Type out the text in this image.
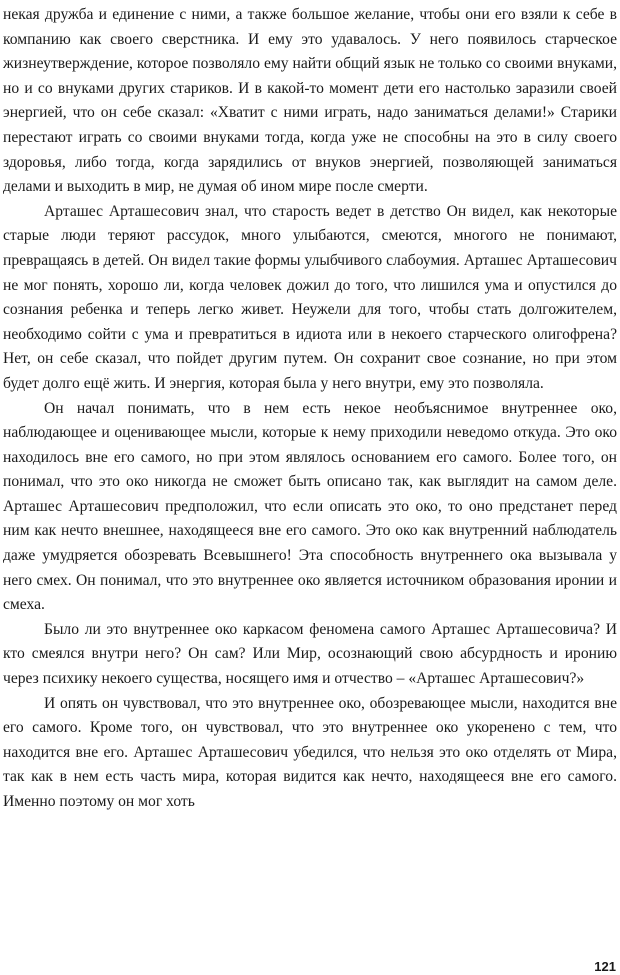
некая дружба и единение с ними, а также большое желание, чтобы они его взяли к себе в компанию как своего сверстника. И ему это удавалось. У него появилось старческое жизнеутверждение, которое позволяло ему найти общий язык не только со своими внуками, но и со внуками других стариков. И в какой-то момент дети его настолько заразили своей энергией, что он себе сказал: «Хватит с ними играть, надо заниматься делами!» Старики перестают играть со своими внуками тогда, когда уже не способны на это в силу своего здоровья, либо тогда, когда зарядились от внуков энергией, позволяющей заниматься делами и выходить в мир, не думая об ином мире после смерти.

Арташес Арташесович знал, что старость ведет в детство Он видел, как некоторые старые люди теряют рассудок, много улыбаются, смеются, многого не понимают, превращаясь в детей. Он видел такие формы улыбчивого слабоумия. Арташес Арташесович не мог понять, хорошо ли, когда человек дожил до того, что лишился ума и опустился до сознания ребенка и теперь легко живет. Неужели для того, чтобы стать долгожителем, необходимо сойти с ума и превратиться в идиота или в некоего старческого олигофрена? Нет, он себе сказал, что пойдет другим путем. Он сохранит свое сознание, но при этом будет долго ещё жить. И энергия, которая была у него внутри, ему это позволяла.

Он начал понимать, что в нем есть некое необъяснимое внутреннее око, наблюдающее и оценивающее мысли, которые к нему приходили неведомо откуда. Это око находилось вне его самого, но при этом являлось основанием его самого. Более того, он понимал, что это око никогда не сможет быть описано так, как выглядит на самом деле. Арташес Арташесович предположил, что если описать это око, то оно предстанет перед ним как нечто внешнее, находящееся вне его самого. Это око как внутренний наблюдатель даже умудряется обозревать Всевышнего! Эта способность внутреннего ока вызывала у него смех. Он понимал, что это внутреннее око является источником образования иронии и смеха.

Было ли это внутреннее око каркасом феномена самого Арташес Арташесовича? И кто смеялся внутри него? Он сам? Или Мир, осознающий свою абсурдность и иронию через психику некоего существа, носящего имя и отчество – «Арташес Арташесович?»

И опять он чувствовал, что это внутреннее око, обозревающее мысли, находится вне его самого. Кроме того, он чувствовал, что это внутреннее око укоренено с тем, что находится вне его. Арташес Арташесович убедился, что нельзя это око отделять от Мира, так как в нем есть часть мира, которая видится как нечто, находящееся вне его самого. Именно поэтому он мог хоть

121
